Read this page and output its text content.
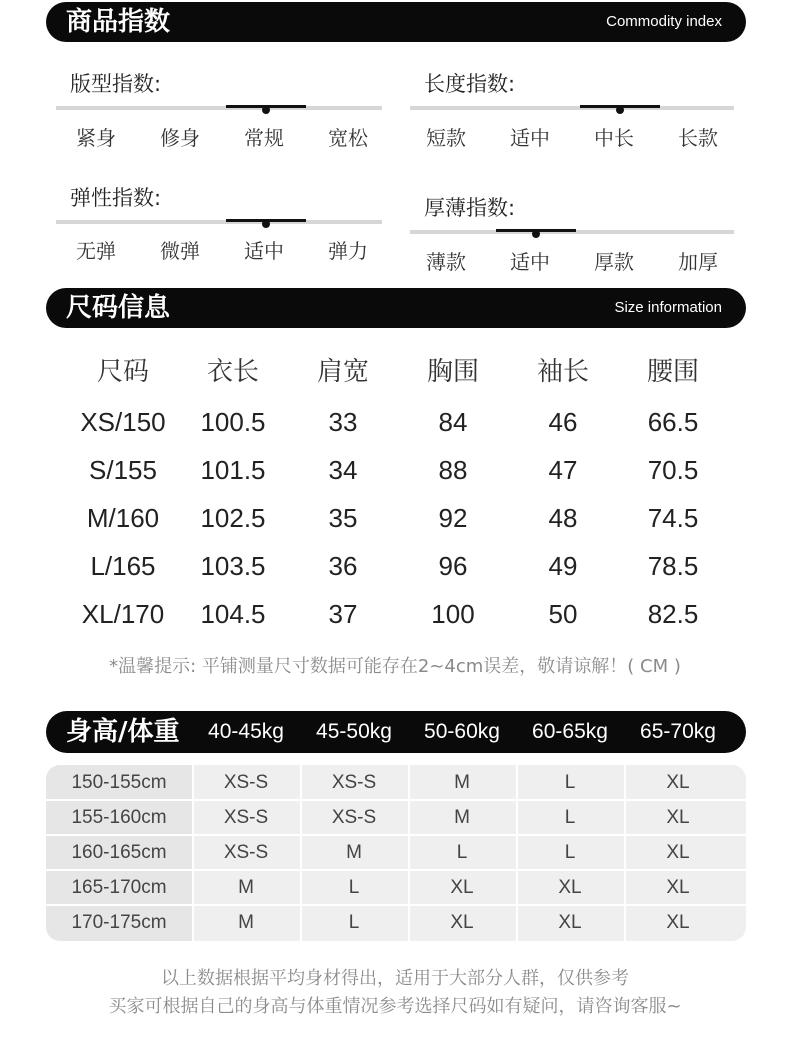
商品指数	Commodity index
版型指数:
紧身	修身	常规	宽松
长度指数:
短款	适中	中长	长款
弹性指数:
无弹	微弹	适中	弹力
厚薄指数:
薄款	适中	厚款	加厚
尺码信息	Size information
尺码	衣长	肩宽	胸围	袖长	腰围
XS/150	100.5	33	84	46	66.5
S/155	101.5	34	88	47	70.5
M/160	102.5	35	92	48	74.5
L/165	103.5	36	96	49	78.5
XL/170	104.5	37	100	50	82.5
*温馨提示: 平铺测量尺寸数据可能存在2~4cm误差，敬请谅解！( CM )
身高/体重	40-45kg	45-50kg	50-60kg	60-65kg	65-70kg
150-155cm	XS-S	XS-S	M	L	XL
155-160cm	XS-S	XS-S	M	L	XL
160-165cm	XS-S	M	L	L	XL
165-170cm	M	L	XL	XL	XL
170-175cm	M	L	XL	XL	XL
以上数据根据平均身材得出，适用于大部分人群，仅供参考
买家可根据自己的身高与体重情况参考选择尺码如有疑问，请咨询客服~
